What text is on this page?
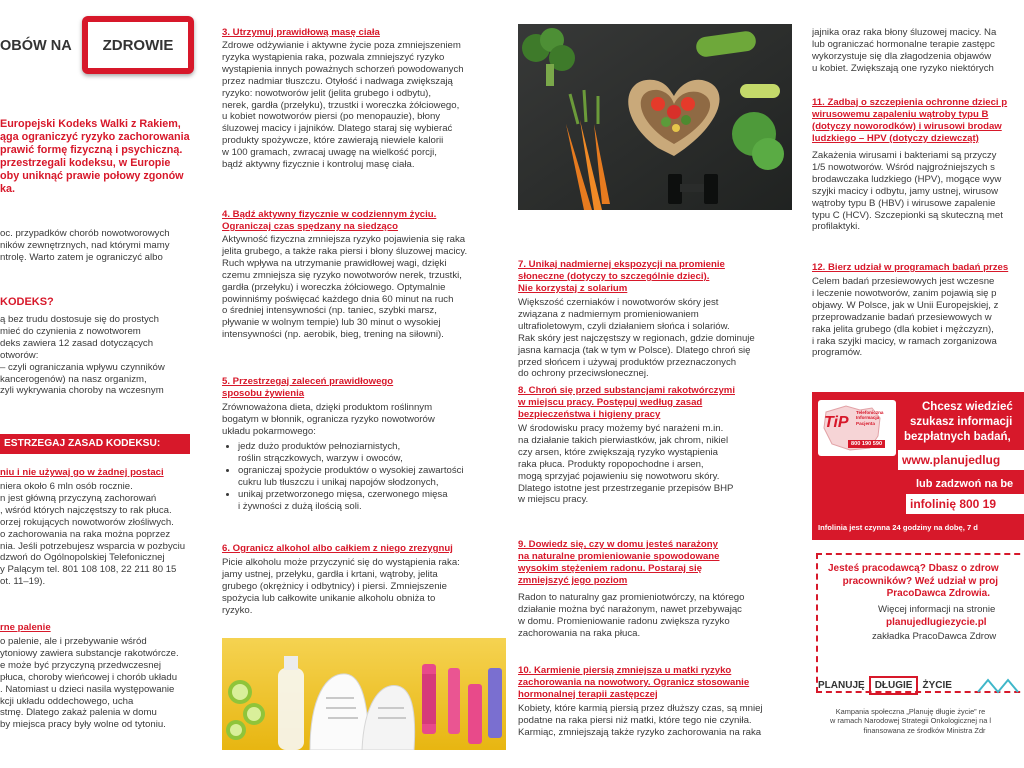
OBÓW NA	ZDROWIE
Europejski Kodeks Walki z Rakiem,
ąga ograniczyć ryzyko zachorowania
prawić formę fizyczną i psychiczną.
przestrzegali kodeksu, w Europie
oby uniknąć prawie połowy zgonów
ka.
oc. przypadków chorób nowotworowych
ników zewnętrznych, nad którymi mamy
ntrolę. Warto zatem je ograniczyć albo
KODEKS?
ą bez trudu dostosuje się do prostych
mieć do czynienia z nowotworem
deks zawiera 12 zasad dotyczących
otworów:
– czyli ograniczania wpływu czynników
kancerogenów) na nasz organizm,
zyli wykrywania choroby na wczesnym
ESTRZEGAJ ZASAD KODEKSU:
niu i nie używaj go w żadnej postaci
niera około 6 mln osób rocznie.
n jest główną przyczyną zachorowań
, wśród których najczęstszy to rak płuca.
orzej rokujących nowotworów złośliwych.
o zachorowania na raka można poprzez
nia. Jeśli potrzebujesz wsparcia w pozbyciu
dzwoń do Ogólnopolskiej Telefonicznej
y Palącym tel. 801 108 108, 22 211 80 15
ot. 11–19).
rne palenie
o palenie, ale i przebywanie wśród
ytoniowy zawiera substancje rakotwórcze.
e może być przyczyną przedwczesnej
płuca, choroby wieńcowej i chorób układu
. Natomiast u dzieci nasila występowanie
kcji układu oddechowego, ucha
stmę. Dlatego zakaż palenia w domu
by miejsca pracy były wolne od tytoniu.
3. Utrzymuj prawidłową masę ciała
Zdrowe odżywianie i aktywne życie poza zmniejszeniem
ryzyka wystąpienia raka, pozwala zmniejszyć ryzyko
wystąpienia innych poważnych schorzeń powodowanych
przez nadmiar tłuszczu. Otyłość i nadwaga zwiększają
ryzyko: nowotworów jelit (jelita grubego i odbytu),
nerek, gardła (przełyku), trzustki i woreczka żółciowego,
u kobiet nowotworów piersi (po menopauzie), błony
śluzowej macicy i jajników. Dlatego staraj się wybierać
produkty spożywcze, które zawierają niewiele kalorii
w 100 gramach, zwracaj uwagę na wielkość porcji,
bądź aktywny fizycznie i kontroluj masę ciała.
4. Bądź aktywny fizycznie w codziennym życiu.
Ograniczaj czas spędzany na siedząco
Aktywność fizyczna zmniejsza ryzyko pojawienia się raka
jelita grubego, a także raka piersi i błony śluzowej macicy.
Ruch wpływa na utrzymanie prawidłowej wagi, dzięki
czemu zmniejsza się ryzyko nowotworów nerek, trzustki,
gardła (przełyku) i woreczka żółciowego. Optymalnie
powinniśmy poświęcać każdego dnia 60 minut na ruch
o średniej intensywności (np. taniec, szybki marsz,
pływanie w wolnym tempie) lub 30 minut o wysokiej
intensywności (np. aerobik, bieg, trening na siłowni).
5. Przestrzegaj zaleceń prawidłowego
sposobu żywienia
Zrównoważona dieta, dzięki produktom roślinnym
bogatym w błonnik, ogranicza ryzyko nowotworów
układu pokarmowego:
• jedz dużo produktów pełnoziarnistych,
roślin strączkowych, warzyw i owoców,
• ograniczaj spożycie produktów o wysokiej zawartości
cukru lub tłuszczu i unikaj napojów słodzonych,
• unikaj przetworzonego mięsa, czerwonego mięsa
i żywności z dużą ilością soli.
6. Ogranicz alkohol albo całkiem z niego zrezygnuj
Picie alkoholu może przyczynić się do wystąpienia raka:
jamy ustnej, przełyku, gardła i krtani, wątroby, jelita
grubego (okrężnicy i odbytnicy) i piersi. Zmniejszenie
spożycia lub całkowite unikanie alkoholu obniża to
ryzyko.
7. Unikaj nadmiernej ekspozycji na promienie
słoneczne (dotyczy to szczególnie dzieci).
Nie korzystaj z solarium
Większość czerniaków i nowotworów skóry jest
związana z nadmiernym promieniowaniem
ultrafioletowym, czyli działaniem słońca i solariów.
Rak skóry jest najczęstszy w regionach, gdzie dominuje
jasna karnacja (tak w tym w Polsce). Dlatego chroń się
przed słońcem i używaj produktów przeznaczonych
do ochrony przeciwsłonecznej.
8. Chroń się przed substancjami rakotwórczymi
w miejscu pracy. Postępuj według zasad
bezpieczeństwa i higieny pracy
W środowisku pracy możemy być narażeni m.in.
na działanie takich pierwiastków, jak chrom, nikiel
czy arsen, które zwiększają ryzyko wystąpienia
raka płuca. Produkty ropopochodne i arsen,
mogą sprzyjać pojawieniu się nowotworu skóry.
Dlatego istotne jest przestrzeganie przepisów BHP
w miejscu pracy.
9. Dowiedz się, czy w domu jesteś narażony
na naturalne promieniowanie spowodowane
wysokim stężeniem radonu. Postaraj się
zmniejszyć jego poziom
Radon to naturalny gaz promieniotwórczy, na którego
działanie można być narażonym, nawet przebywając
w domu. Promieniowanie radonu zwiększa ryzyko
zachorowania na raka płuca.
10. Karmienie piersią zmniejsza u matki ryzyko
zachorowania na nowotwory. Ogranicz stosowanie
hormonalnej terapii zastępczej
Kobiety, które karmią piersią przez dłuższy czas, są mniej
podatne na raka piersi niż matki, które tego nie czyniła.
Karmiąc, zmniejszają także ryzyko zachorowania na raka
jajnika oraz raka błony śluzowej macicy. Na
lub ograniczać hormonalne terapie zastępc
wykorzystuje się dla złagodzenia objawów
u kobiet. Zwiększają one ryzyko niektórych
11. Zadbaj o szczepienia ochronne dzieci p
wirusowemu zapaleniu wątroby typu B
(dotyczy noworodków) i wirusowi brodaw
ludzkiego – HPV (dotyczy dziewcząt)
Zakażenia wirusami i bakteriami są przyczy
1/5 nowotworów. Wśród najgroźniejszych s
brodawczaka ludzkiego (HPV), mogące wyw
szyjki macicy i odbytu, jamy ustnej, wirusow
wątroby typu B (HBV) i wirusowe zapalenie
typu C (HCV). Szczepionki są skuteczną met
profilaktyki.
12. Bierz udział w programach badań przes
Celem badań przesiewowych jest wczesne
i leczenie nowotworów, zanim pojawią się p
objawy. W Polsce, jak w Unii Europejskiej, z
przeprowadzanie badań przesiewowych w
raka jelita grubego (dla kobiet i mężczyzn),
i raka szyjki macicy, w ramach zorganizowa
programów.
TiP
Telefoniczna
Informacja
Pacjenta
800 190 590
Chcesz wiedzieć
szukasz informacji
bezpłatnych badań,
www.planujedlug
lub zadzwoń na be
infolinię 800 19
Infolinia jest czynna 24 godziny na dobę, 7 d
Jesteś pracodawcą? Dbasz o zdrow
pracowników? Weź udział w proj
PracoDawca Zdrowia.
Więcej informacji na stronie
planujedlugiezycie.pl
zakładka PracoDawca Zdrow
PLANUJĘ	DŁUGIE	ŻYCIE
Kampania społeczna „Planuję długie życie” re
w ramach Narodowej Strategii Onkologicznej na l
finansowana ze środków Ministra Zdr
